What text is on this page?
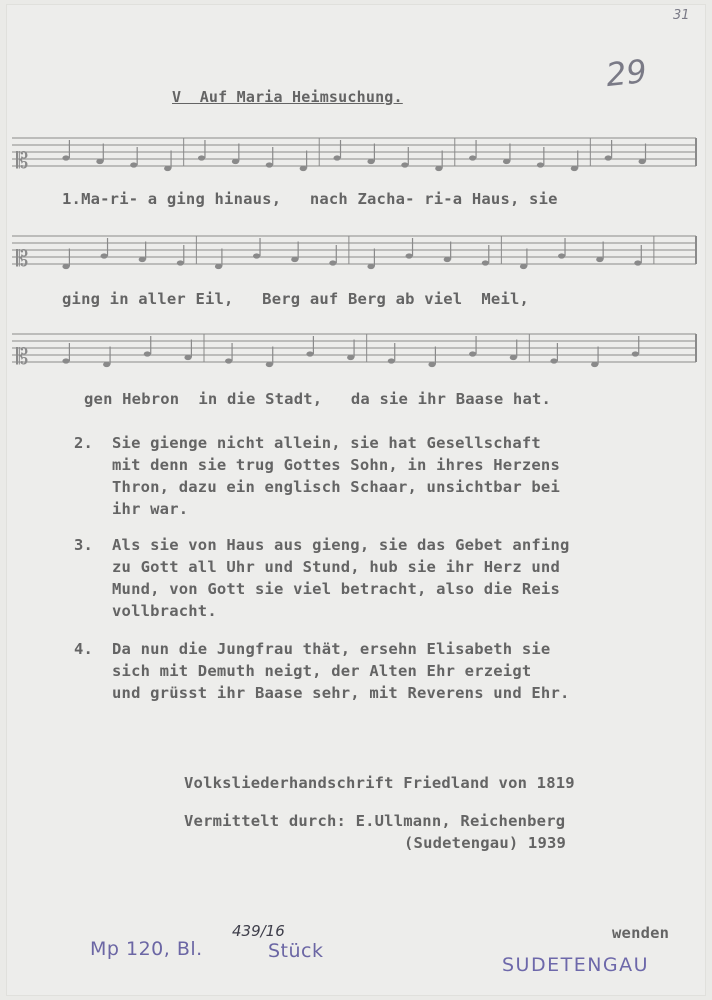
31
29
V  Auf Maria Heimsuchung.
𝄡
𝄡
𝄡
1.Ma-ri- a ging hinaus,   nach Zacha- ri-a Haus, sie
ging in aller Eil,   Berg auf Berg ab viel  Meil,
gen Hebron  in die Stadt,   da sie ihr Baase hat.
2. Sie gienge nicht allein, sie hat Gesellschaft
mit denn sie trug Gottes Sohn, in ihres Herzens
Thron, dazu ein englisch Schaar, unsichtbar bei
ihr war.
3. Als sie von Haus aus gieng, sie das Gebet anfing
zu Gott all Uhr und Stund, hub sie ihr Herz und
Mund, von Gott sie viel betracht, also die Reis
vollbracht.
4. Da nun die Jungfrau thät, ersehn Elisabeth sie
sich mit Demuth neigt, der Alten Ehr erzeigt
und grüsst ihr Baase sehr, mit Reverens und Ehr.
Volksliederhandschrift Friedland von 1819
Vermittelt durch: E.Ullmann, Reichenberg
(Sudetengau) 1939
wenden
Mp 120, Bl.
439/16
Stück
SUDETENGAU
